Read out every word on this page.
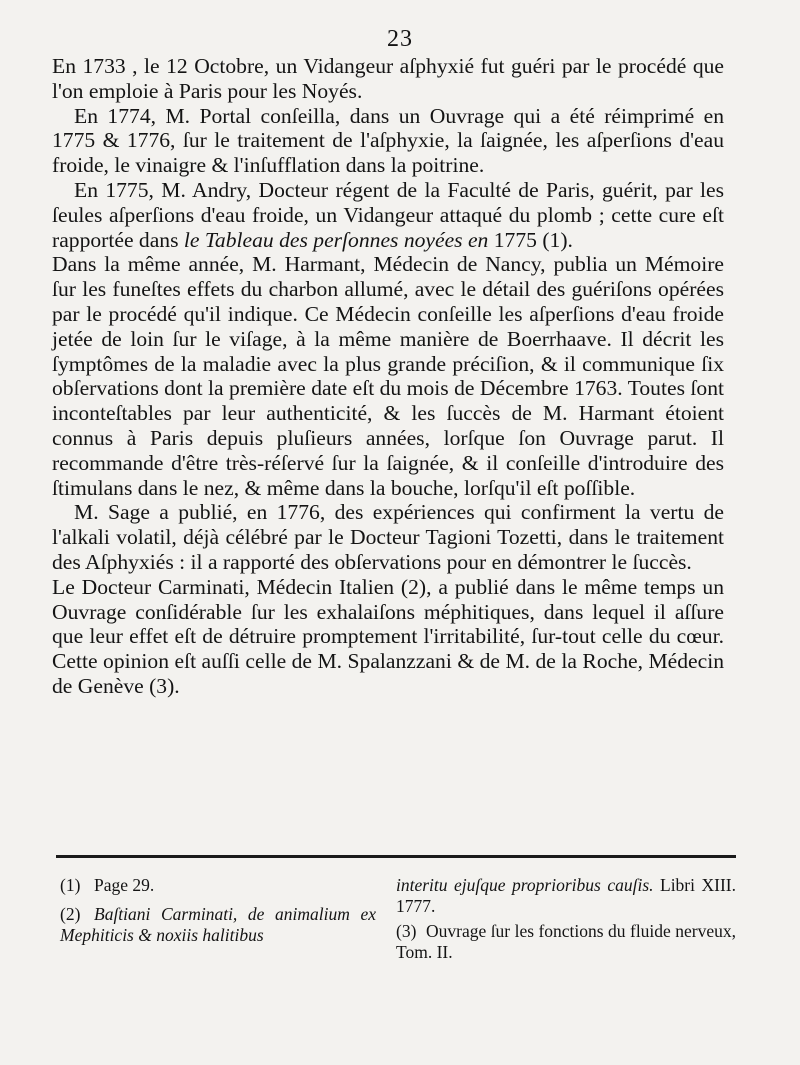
23

En 1733 , le 12 Octobre, un Vidangeur aſphyxié fut guéri par le procédé que l'on emploie à Paris pour les Noyés.

En 1774, M. Portal conſeilla, dans un Ouvrage qui a été réimprimé en 1775 & 1776, ſur le traitement de l'aſphyxie, la ſaignée, les aſperſions d'eau froide, le vinaigre & l'inſufflation dans la poitrine.

En 1775, M. Andry, Docteur régent de la Faculté de Paris, guérit, par les ſeules aſperſions d'eau froide, un Vidangeur attaqué du plomb ; cette cure eſt rapportée dans le Tableau des perſonnes noyées en 1775 (1).

Dans la même année, M. Harmant, Médecin de Nancy, publia un Mémoire ſur les funeſtes effets du charbon allumé, avec le détail des guériſons opérées par le procédé qu'il indique. Ce Médecin conſeille les aſperſions d'eau froide jetée de loin ſur le viſage, à la même manière de Boerrhaave. Il décrit les ſymptômes de la maladie avec la plus grande préciſion, & il communique ſix obſervations dont la première date eſt du mois de Décembre 1763. Toutes ſont inconteſtables par leur authenticité, & les ſuccès de M. Harmant étoient connus à Paris depuis pluſieurs années, lorſque ſon Ouvrage parut. Il recommande d'être très-réſervé ſur la ſaignée, & il conſeille d'introduire des ſtimulans dans le nez, & même dans la bouche, lorſqu'il eſt poſſible.

M. Sage a publié, en 1776, des expériences qui confirment la vertu de l'alkali volatil, déjà célébré par le Docteur Tagioni Tozetti, dans le traitement des Aſphyxiés : il a rapporté des obſervations pour en démontrer le ſuccès.

Le Docteur Carminati, Médecin Italien (2), a publié dans le même temps un Ouvrage conſidérable ſur les exhalaiſons méphitiques, dans lequel il aſſure que leur effet eſt de détruire promptement l'irritabilité, ſur-tout celle du cœur. Cette opinion eſt auſſi celle de M. Spalanzzani & de M. de la Roche, Médecin de Genève (3).

(1) Page 29.

(2) Baſtiani Carminati, de animalium ex Mephiticis & noxiis halitibus

interitu ejuſque proprioribus cauſis. Libri XIII. 1777.

(3) Ouvrage ſur les fonctions du fluide nerveux, Tom. II.
